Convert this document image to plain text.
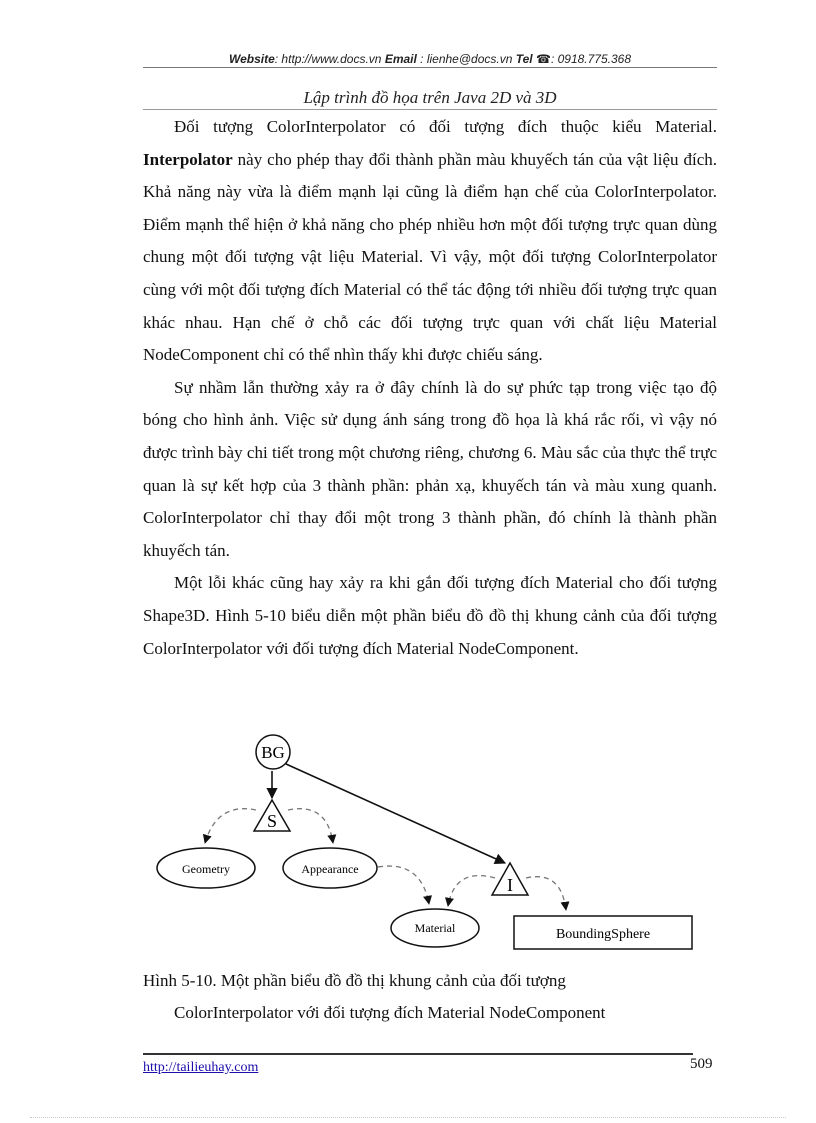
Website: http://www.docs.vn Email : lienhe@docs.vn Tel ☎: 0918.775.368
Lập trình đồ họa trên Java 2D và 3D

Đối tượng ColorInterpolator có đối tượng đích thuộc kiểu Material. Interpolator này cho phép thay đổi thành phần màu khuyếch tán của vật liệu đích. Khả năng này vừa là điểm mạnh lại cũng là điểm hạn chế của ColorInterpolator. Điểm mạnh thể hiện ở khả năng cho phép nhiều hơn một đối tượng trực quan dùng chung một đối tượng vật liệu Material. Vì vậy, một đối tượng ColorInterpolator cùng với một đối tượng đích Material có thể tác động tới nhiều đối tượng trực quan khác nhau. Hạn chế ở chỗ các đối tượng trực quan với chất liệu Material NodeComponent chỉ có thể nhìn thấy khi được chiếu sáng.

Sự nhầm lẫn thường xảy ra ở đây chính là do sự phức tạp trong việc tạo độ bóng cho hình ảnh. Việc sử dụng ánh sáng trong đồ họa là khá rắc rối, vì vậy nó được trình bày chi tiết trong một chương riêng, chương 6. Màu sắc của thực thể trực quan là sự kết hợp của 3 thành phần: phản xạ, khuyếch tán và màu xung quanh. ColorInterpolator chỉ thay đổi một trong 3 thành phần, đó chính là thành phần khuyếch tán.

Một lỗi khác cũng hay xảy ra khi gắn đối tượng đích Material cho đối tượng Shape3D. Hình 5-10 biểu diễn một phần biểu đồ đồ thị khung cảnh của đối tượng ColorInterpolator với đối tượng đích Material NodeComponent.

BG
S
Geometry	Appearance
I
Material	BoundingSphere
Hình 5-10. Một phần biểu đồ đồ thị khung cảnh của đối tượng
ColorInterpolator với đối tượng đích Material NodeComponent
http://tailieuhay.com	509
